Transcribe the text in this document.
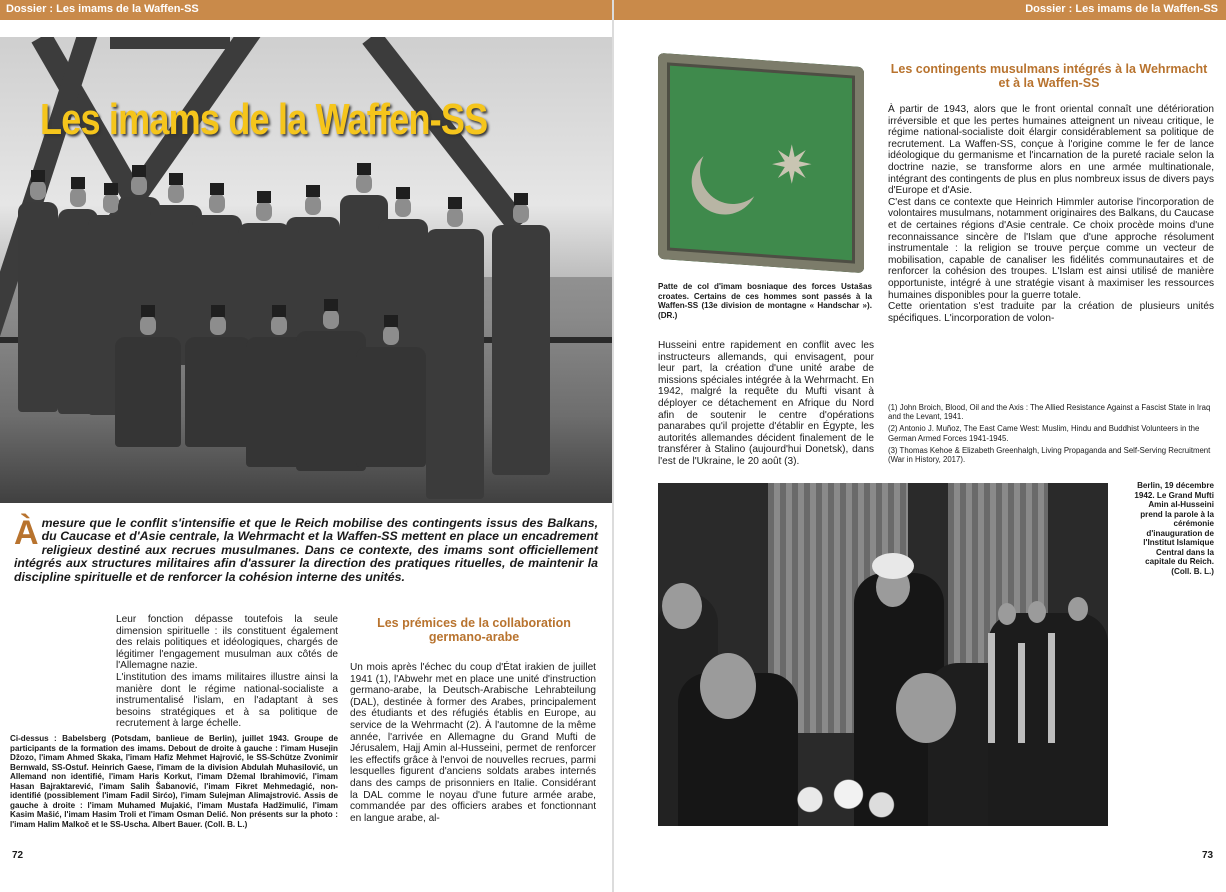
Dossier : Les imams de la Waffen-SS	Dossier : Les imams de la Waffen-SS
Les imams de la Waffen-SS
À mesure que le conflit s'intensifie et que le Reich mobilise des contingents issus des Balkans, du Caucase et d'Asie centrale, la Wehrmacht et la Waffen-SS mettent en place un encadrement religieux destiné aux recrues musulmanes. Dans ce contexte, des imams sont officiellement intégrés aux structures militaires afin d'assurer la direction des pratiques rituelles, de maintenir la discipline spirituelle et de renforcer la cohésion interne des unités.

Leur fonction dépasse toutefois la seule dimension spirituelle : ils constituent également des relais politiques et idéologiques, chargés de légitimer l'engagement musulman aux côtés de l'Allemagne nazie.

L'institution des imams militaires illustre ainsi la manière dont le régime national-socialiste a instrumentalisé l'islam, en l'adaptant à ses besoins stratégiques et à sa politique de recrutement à large échelle.

Ci-dessus : Babelsberg (Potsdam, banlieue de Berlin), juillet 1943. Groupe de participants de la formation des imams. Debout de droite à gauche : l'imam Husejin Džozo, l'imam Ahmed Skaka, l'imam Hafiz Mehmet Hajrović, le SS-Schütze Zvonimir Bernwald, SS-Ostuf. Heinrich Gaese, l'imam de la division Abdulah Muhasilović, un Allemand non identifié, l'imam Haris Korkut, l'imam Džemal Ibrahimović, l'imam Hasan Bajraktarević, l'imam Salih Šabanović, l'imam Fikret Mehmedagić, non-identifié (possiblement l'imam Fadil Sirćo), l'imam Sulejman Alimajstrović. Assis de gauche à droite : l'imam Muhamed Mujakić, l'imam Mustafa Hadžimulić, l'imam Kasim Mašić, l'imam Hasim Troli et l'imam Osman Delić. Non présents sur la photo : l'imam Halim Malkoč et le SS-Uscha. Albert Bauer. (Coll. B. L.)
Les prémices de la collaboration germano-arabe
Un mois après l'échec du coup d'État irakien de juillet 1941 (1), l'Abwehr met en place une unité d'instruction germano-arabe, la Deutsch-Arabische Lehrabteilung (DAL), destinée à former des Arabes, principalement des étudiants et des réfugiés établis en Europe, au service de la Wehrmacht (2). À l'automne de la même année, l'arrivée en Allemagne du Grand Mufti de Jérusalem, Hajj Amin al-Husseini, permet de renforcer les effectifs grâce à l'envoi de nouvelles recrues, parmi lesquelles figurent d'anciens soldats arabes internés dans des camps de prisonniers en Italie. Considérant la DAL comme le noyau d'une future armée arabe, commandée par des officiers arabes et fonctionnant en langue arabe, al-
72
✷
Patte de col d'imam bosniaque des forces Ustašas croates. Certains de ces hommes sont passés à la Waffen-SS (13e division de montagne « Handschar »). (DR.)
Husseini entre rapidement en conflit avec les instructeurs allemands, qui envisagent, pour leur part, la création d'une unité arabe de missions spéciales intégrée à la Wehrmacht. En 1942, malgré la requête du Mufti visant à déployer ce détachement en Afrique du Nord afin de soutenir le centre d'opérations panarabes qu'il projette d'établir en Égypte, les autorités allemandes décident finalement de le transférer à Stalino (aujourd'hui Donetsk), dans l'est de l'Ukraine, le 20 août (3).
Les contingents musulmans intégrés à la Wehrmacht et à la Waffen-SS

À partir de 1943, alors que le front oriental connaît une détérioration irréversible et que les pertes humaines atteignent un niveau critique, le régime national-socialiste doit élargir considérablement sa politique de recrutement. La Waffen-SS, conçue à l'origine comme le fer de lance idéologique du germanisme et l'incarnation de la pureté raciale selon la doctrine nazie, se transforme alors en une armée multinationale, intégrant des contingents de plus en plus nombreux issus de divers pays d'Europe et d'Asie.

C'est dans ce contexte que Heinrich Himmler autorise l'incorporation de volontaires musulmans, notamment originaires des Balkans, du Caucase et de certaines régions d'Asie centrale. Ce choix procède moins d'une reconnaissance sincère de l'Islam que d'une approche résolument instrumentale : la religion se trouve perçue comme un vecteur de mobilisation, capable de canaliser les fidélités communautaires et de renforcer la cohésion des troupes. L'Islam est ainsi utilisé de manière opportuniste, intégré à une stratégie visant à maximiser les ressources humaines disponibles pour la guerre totale.

Cette orientation s'est traduite par la création de plusieurs unités spécifiques. L'incorporation de volon-

(1) John Broich, Blood, Oil and the Axis : The Allied Resistance Against a Fascist State in Iraq and the Levant, 1941.

(2) Antonio J. Muñoz, The East Came West: Muslim, Hindu and Buddhist Volunteers in the German Armed Forces 1941-1945.

(3) Thomas Kehoe & Elizabeth Greenhalgh, Living Propaganda and Self-Serving Recruitment (War in History, 2017).

Berlin, 19 décembre 1942. Le Grand Mufti Amin al-Husseini prend la parole à la cérémonie d'inauguration de l'Institut Islamique Central dans la capitale du Reich. (Coll. B. L.)
73
